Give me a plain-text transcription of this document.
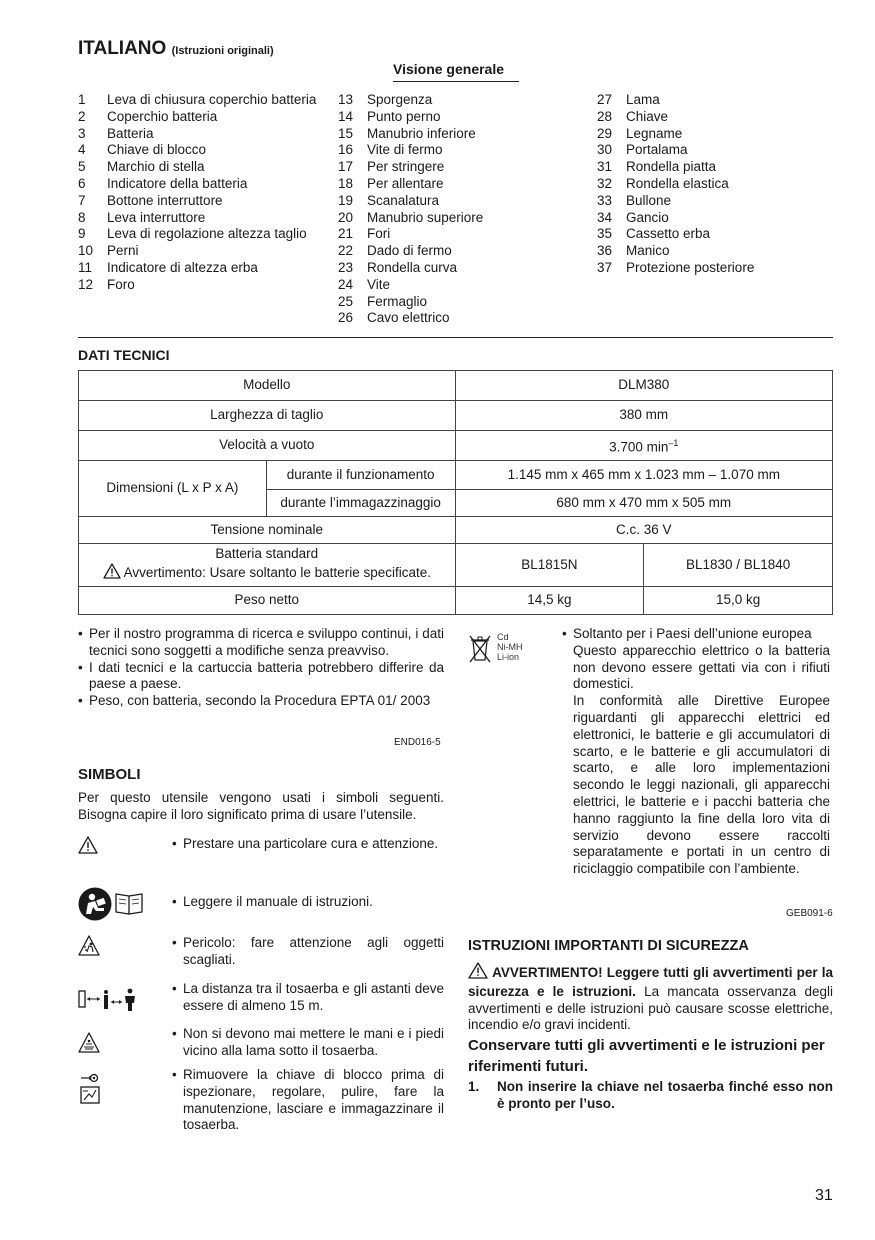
ITALIANO (Istruzioni originali)
Visione generale
1	Leva di chiusura coperchio batteria
2	Coperchio batteria
3	Batteria
4	Chiave di blocco
5	Marchio di stella
6	Indicatore della batteria
7	Bottone interruttore
8	Leva interruttore
9	Leva di regolazione altezza taglio
10	Perni
11	Indicatore di altezza erba
12	Foro
13	Sporgenza
14	Punto perno
15	Manubrio inferiore
16	Vite di fermo
17	Per stringere
18	Per allentare
19	Scanalatura
20	Manubrio superiore
21	Fori
22	Dado di fermo
23	Rondella curva
24	Vite
25	Fermaglio
26	Cavo elettrico
27	Lama
28	Chiave
29	Legname
30	Portalama
31	Rondella piatta
32	Rondella elastica
33	Bullone
34	Gancio
35	Cassetto erba
36	Manico
37	Protezione posteriore
DATI TECNICI
Modello		DLM380	
Larghezza di taglio		380 mm	
Velocità a vuoto		3.700 $\min^{-1}$
Dimensioni (L x P x A)	durante il funzionamento	1.145 mm x 465 mm x 1.023 mm – 1.070 mm	
	durante l’immagazzinaggio	680 mm x 470 mm x 505 mm	
Tensione nominale		C.c. 36 V	

Batteria standard
Avvertimento: Usare soltanto le batterie specificate.		BL1815N	BL1830 / BL1840
Peso netto		14,5 kg	15,0 kg
• Per il nostro programma di ricerca e sviluppo continui, i dati tecnici sono soggetti a modifiche senza preavviso.
• I dati tecnici e la cartuccia batteria potrebbero differire da paese a paese.
• Peso, con batteria, secondo la Procedura EPTA 01/ 2003
END016-5
SIMBOLI
Per questo utensile vengono usati i simboli seguenti. Bisogna capire il loro significato prima di usare l’utensile.
• Prestare una particolare cura e attenzione.
• Leggere il manuale di istruzioni.
• Pericolo: fare attenzione agli oggetti scagliati.
• La distanza tra il tosaerba e gli astanti deve essere di almeno 15 m.
• Non si devono mai mettere le mani e i piedi vicino alla lama sotto il tosaerba.
• Rimuovere la chiave di blocco prima di ispezionare, regolare, pulire, fare la manutenzione, lasciare e immagazzinare il tosaerba.
Cd
Ni-MH
Li-ion
• Soltanto per i Paesi dell’unione europea
Questo apparecchio elettrico o la batteria non devono essere gettati via con i rifiuti domestici.
In conformità alle Direttive Europee riguardanti gli apparecchi elettrici ed elettronici, le batterie e gli accumulatori di scarto, e le batterie e gli accumulatori di scarto, e alle loro implementazioni secondo le leggi nazionali, gli apparecchi elettrici, le batterie e i pacchi batteria che hanno raggiunto la fine della loro vita di servizio devono essere raccolti separatamente e portati in un centro di riciclaggio compatibile con l’ambiente.
GEB091-6
ISTRUZIONI IMPORTANTI DI SICUREZZA
AVVERTIMENTO! Leggere tutti gli avvertimenti per la sicurezza e le istruzioni. La mancata osservanza degli avvertimenti e delle istruzioni può causare scosse elettriche, incendio e/o gravi incidenti.
Conservare tutti gli avvertimenti e le istruzioni per riferimenti futuri.
1.	Non inserire la chiave nel tosaerba finché esso non è pronto per l’uso.
31
